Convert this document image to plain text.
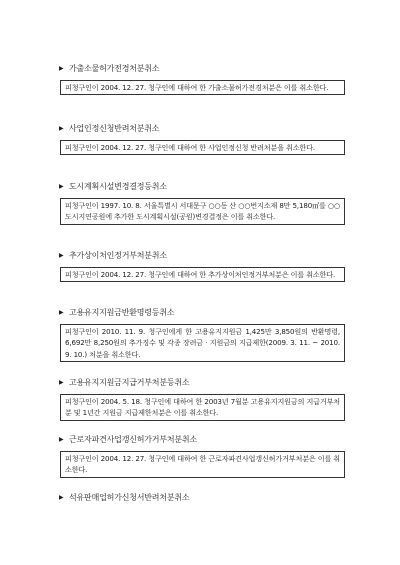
▶ 가출소물허가전경처분취소
피청구인이 2004. 12. 27. 청구인에 대하여 한 가출소물허가전경처분은 이를 취소한다.
▶ 사업인정신청반려처분취소
피청구인이 2004. 12. 27. 청구인에 대하여 한 사업인정신청 반려처분을 취소한다.
▶ 도시계획시설변경결정등취소
피청구인이 1997. 10. 8. 서울특별시 서대문구 ○○동 산 ○○번지소재 8만 5,180㎡를 ○○도시지연공원에 추가한 도시계획시설(공원)변경결정은 이를 취소한다.
▶ 추가상이처인정거부처분취소
피청구인이 2004. 12. 27. 청구인에 대하여 한 추가상이처인정거부처분은 이를 취소한다.
▶ 고용유지지원금반환명령등취소
피청구인이 2010. 11. 9. 청구인에게 한 고용유지지원금 1,425만 3,850원의 반환명령, 6,692만 8,250원의 추가징수 및 각종 장려금 · 지원금의 지급제한(2009. 3. 11. ~ 2010. 9. 10.) 처분을 취소한다.
▶ 고용유지지원금지급거부처분등취소
피청구인이 2004. 5. 18. 청구인에 대하여 한 2003년 7월분 고용유지지원금의 지급거부처분 및 1년간 지원금 지급제한처분은 이를 취소한다.
▶ 근로자파견사업갱신허가거부처분취소
피청구인이 2004. 12. 27. 청구인에 대하여 한 근로자파견사업갱신허가거부처분은 이를 취소한다.
▶ 석유판매업허가신청서반려처분취소
